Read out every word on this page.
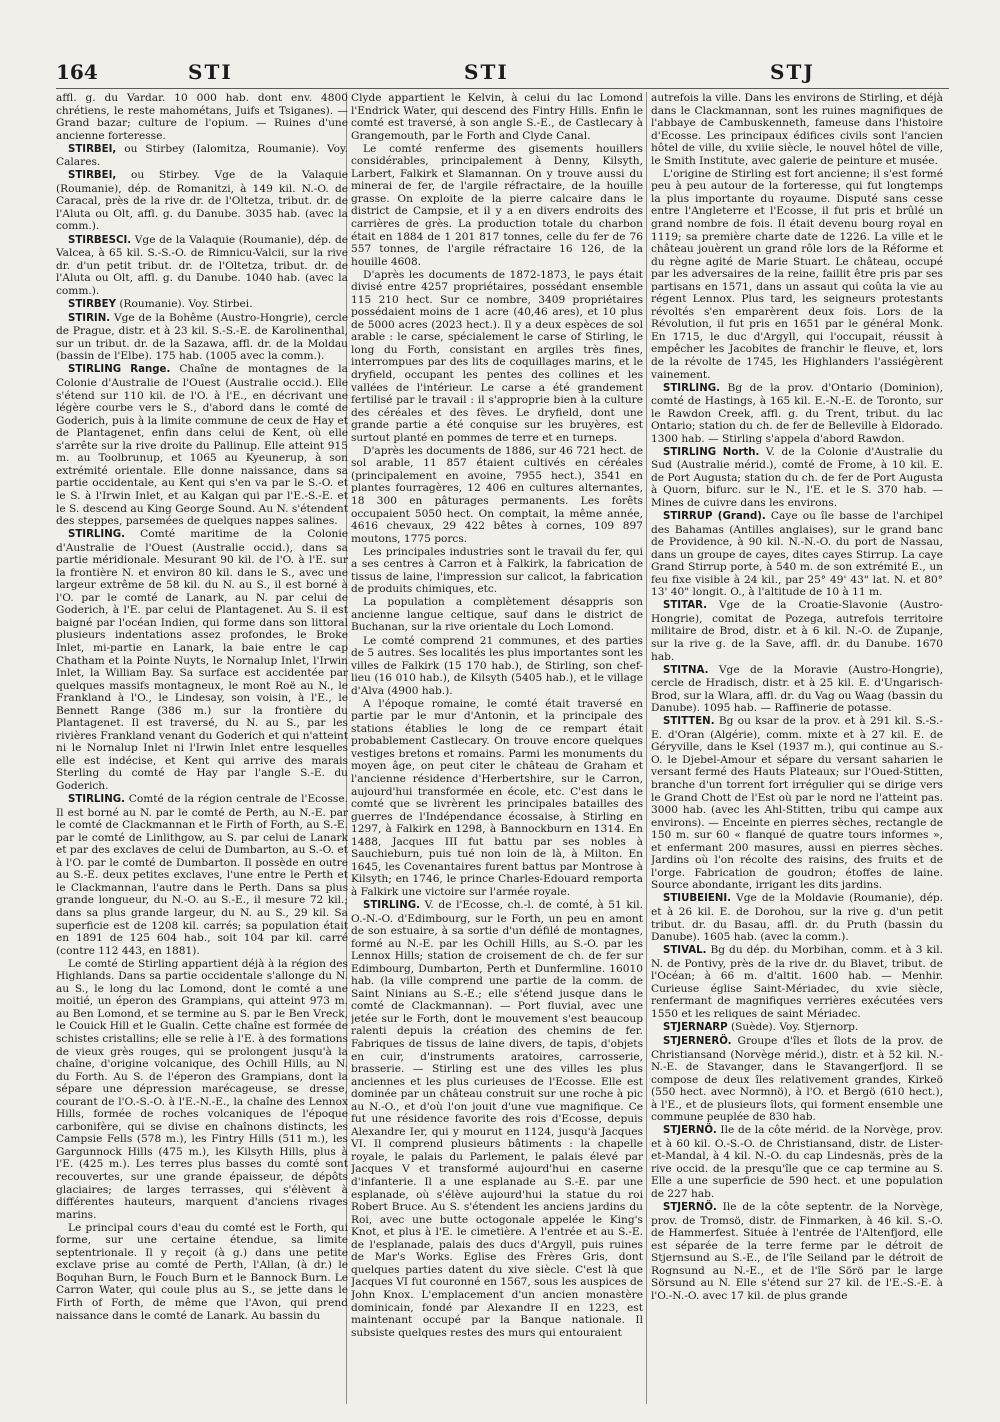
164	STI	STI	STJ

affl. g. du Vardar. 10 000 hab. dont env. 4800 chrétiens, le reste mahométans, Juifs et Tsiganes). — Grand bazar; culture de l'opium. — Ruines d'une ancienne forteresse.

STIRBEI, ou Stirbey (Ialomitza, Roumanie). Voy. Calares.

STIRBEI, ou Stirbey. Vge de la Valaquie (Roumanie), dép. de Romanitzi, à 149 kil. N.-O. de Caracal, près de la rive dr. de l'Oltetza, tribut. dr. de l'Aluta ou Olt, affl. g. du Danube. 3035 hab. (avec la comm.).

STIRBESCI. Vge de la Valaquie (Roumanie), dép. de Valcea, à 65 kil. S.-S.-O. de Rimnicu-Valcii, sur la rive dr. d'un petit tribut. dr. de l'Oltetza, tribut. dr. de l'Aluta ou Olt, affl. g. du Danube. 1040 hab. (avec la comm.).

STIRBEY (Roumanie). Voy. Stirbei.

STIRIN. Vge de la Bohême (Austro-Hongrie), cercle de Prague, distr. et à 23 kil. S.-S.-E. de Karolinenthal, sur un tribut. dr. de la Sazawa, affl. dr. de la Moldau (bassin de l'Elbe). 175 hab. (1005 avec la comm.).

STIRLING Range. Chaîne de montagnes de la Colonie d'Australie de l'Ouest (Australie occid.). Elle s'étend sur 110 kil. de l'O. à l'E., en décrivant une légère courbe vers le S., d'abord dans le comté de Goderich, puis à la limite commune de ceux de Hay et de Plantagenet, enfin dans celui de Kent, où elle s'arrête sur la rive droite du Pallinup. Elle atteint 915 m. au Toolbrunup, et 1065 au Kyeunerup, à son extrémité orientale. Elle donne naissance, dans sa partie occidentale, au Kent qui s'en va par le S.-O. et le S. à l'Irwin Inlet, et au Kalgan qui par l'E.-S.-E. et le S. descend au King George Sound. Au N. s'étendent des steppes, parsemées de quelques nappes salines.

STIRLING. Comté maritime de la Colonie d'Australie de l'Ouest (Australie occid.), dans sa partie méridionale. Mesurant 90 kil. de l'O. à l'E. sur la frontière N. et environ 80 kil. dans le S., avec une largeur extrême de 58 kil. du N. au S., il est borné à l'O. par le comté de Lanark, au N. par celui de Goderich, à l'E. par celui de Plantagenet. Au S. il est baigné par l'océan Indien, qui forme dans son littoral plusieurs indentations assez profondes, le Broke Inlet, mi-partie en Lanark, la baie entre le cap Chatham et la Pointe Nuyts, le Nornalup Inlet, l'Irwin Inlet, la William Bay. Sa surface est accidentée par quelques massifs montagneux, le mont Roë au N., le Frankland à l'O., le Lindesay, son voisin, à l'E., le Bennett Range (386 m.) sur la frontière du Plantagenet. Il est traversé, du N. au S., par les rivières Frankland venant du Goderich et qui n'atteint ni le Nornalup Inlet ni l'Irwin Inlet entre lesquelles elle est indécise, et Kent qui arrive des marais Sterling du comté de Hay par l'angle S.-E. du Goderich.

STIRLING. Comté de la région centrale de l'Ecosse. Il est borné au N. par le comté de Perth, au N.-E. par le comté de Clackmannan et le Firth of Forth, au S.-E. par le comté de Linlithgow, au S. par celui de Lanark et par des exclaves de celui de Dumbarton, au S.-O. et à l'O. par le comté de Dumbarton. Il possède en outre au S.-E. deux petites exclaves, l'une entre le Perth et le Clackmannan, l'autre dans le Perth. Dans sa plus grande longueur, du N.-O. au S.-E., il mesure 72 kil.; dans sa plus grande largeur, du N. au S., 29 kil. Sa superficie est de 1208 kil. carrés; sa population était en 1891 de 125 604 hab., soit 104 par kil. carré (contre 112 443, en 1881).

Le comté de Stirling appartient déjà à la région des Highlands. Dans sa partie occidentale s'allonge du N. au S., le long du lac Lomond, dont le comté a une moitié, un éperon des Grampians, qui atteint 973 m. au Ben Lomond, et se termine au S. par le Ben Vreck, le Couick Hill et le Gualin. Cette chaîne est formée de schistes cristallins; elle se relie à l'E. à des formations de vieux grès rouges, qui se prolongent jusqu'à la chaîne, d'origine volcanique, des Ochill Hills, au N. du Forth. Au S. de l'éperon des Grampians, dont la sépare une dépression marécageuse, se dresse, courant de l'O.-S.-O. à l'E.-N.-E., la chaîne des Lennox Hills, formée de roches volcaniques de l'époque carbonifère, qui se divise en chaînons distincts, les Campsie Fells (578 m.), les Fintry Hills (511 m.), les Gargunnock Hills (475 m.), les Kilsyth Hills, plus à l'E. (425 m.). Les terres plus basses du comté sont recouvertes, sur une grande épaisseur, de dépôts glaciaires; de larges terrasses, qui s'élèvent à différentes hauteurs, marquent d'anciens rivages marins.

Le principal cours d'eau du comté est le Forth, qui forme, sur une certaine étendue, sa limite septentrionale. Il y reçoit (à g.) dans une petite exclave prise au comté de Perth, l'Allan, (à dr.) le Boquhan Burn, le Fouch Burn et le Bannock Burn. Le Carron Water, qui coule plus au S., se jette dans le Firth of Forth, de même que l'Avon, qui prend naissance dans le comté de Lanark. Au bassin du

Clyde appartient le Kelvin, à celui du lac Lomond l'Endrick Water, qui descend des Fintry Hills. Enfin le comté est traversé, à son angle S.-E., de Castlecary à Grangemouth, par le Forth and Clyde Canal.

Le comté renferme des gisements houillers considérables, principalement à Denny, Kilsyth, Larbert, Falkirk et Slamannan. On y trouve aussi du minerai de fer, de l'argile réfractaire, de la houille grasse. On exploite de la pierre calcaire dans le district de Campsie, et il y a en divers endroits des carrières de grès. La production totale du charbon était en 1884 de 1 201 817 tonnes, celle du fer de 76 557 tonnes, de l'argile réfractaire 16 126, de la houille 4608.

D'après les documents de 1872-1873, le pays était divisé entre 4257 propriétaires, possédant ensemble 115 210 hect. Sur ce nombre, 3409 propriétaires possédaient moins de 1 acre (40,46 ares), et 10 plus de 5000 acres (2023 hect.). Il y a deux espèces de sol arable : le carse, spécialement le carse of Stirling, le long du Forth, consistant en argiles très fines, interrompues par des lits de coquillages marins, et le dryfield, occupant les pentes des collines et les vallées de l'intérieur. Le carse a été grandement fertilisé par le travail : il s'approprie bien à la culture des céréales et des fèves. Le dryfield, dont une grande partie a été conquise sur les bruyères, est surtout planté en pommes de terre et en turneps.

D'après les documents de 1886, sur 46 721 hect. de sol arable, 11 857 étaient cultivés en céréales (principalement en avoine, 7955 hect.), 3541 en plantes fourragères, 12 406 en cultures alternantes, 18 300 en pâturages permanents. Les forêts occupaient 5050 hect. On comptait, la même année, 4616 chevaux, 29 422 bêtes à cornes, 109 897 moutons, 1775 porcs.

Les principales industries sont le travail du fer, qui a ses centres à Carron et à Falkirk, la fabrication de tissus de laine, l'impression sur calicot, la fabrication de produits chimiques, etc.

La population a complètement désappris son ancienne langue celtique, sauf dans le district de Buchanan, sur la rive orientale du Loch Lomond.

Le comté comprend 21 communes, et des parties de 5 autres. Ses localités les plus importantes sont les villes de Falkirk (15 170 hab.), de Stirling, son chef-lieu (16 010 hab.), de Kilsyth (5405 hab.), et le village d'Alva (4900 hab.).

A l'époque romaine, le comté était traversé en partie par le mur d'Antonin, et la principale des stations établies le long de ce rempart était probablement Castlecary. On trouve encore quelques vestiges bretons et romains. Parmi les monuments du moyen âge, on peut citer le château de Graham et l'ancienne résidence d'Herbertshire, sur le Carron, aujourd'hui transformée en école, etc. C'est dans le comté que se livrèrent les principales batailles des guerres de l'Indépendance écossaise, à Stirling en 1297, à Falkirk en 1298, à Bannockburn en 1314. En 1488, Jacques III fut battu par ses nobles à Sauchieburn, puis tué non loin de là, à Milton. En 1645, les Covenantaires furent battus par Montrose à Kilsyth; en 1746, le prince Charles-Edouard remporta à Falkirk une victoire sur l'armée royale.

STIRLING. V. de l'Ecosse, ch.-l. de comté, à 51 kil. O.-N.-O. d'Edimbourg, sur le Forth, un peu en amont de son estuaire, à sa sortie d'un défilé de montagnes, formé au N.-E. par les Ochill Hills, au S.-O. par les Lennox Hills; station de croisement de ch. de fer sur Edimbourg, Dumbarton, Perth et Dunfermline. 16010 hab. (la ville comprend une partie de la comm. de Saint Ninians au S.-E.; elle s'étend jusque dans le comté de Clackmannan). — Port fluvial, avec une jetée sur le Forth, dont le mouvement s'est beaucoup ralenti depuis la création des chemins de fer. Fabriques de tissus de laine divers, de tapis, d'objets en cuir, d'instruments aratoires, carrosserie, brasserie. — Stirling est une des villes les plus anciennes et les plus curieuses de l'Ecosse. Elle est dominée par un château construit sur une roche à pic au N.-O., et d'où l'on jouit d'une vue magnifique. Ce fut une résidence favorite des rois d'Ecosse, depuis Alexandre Ier, qui y mourut en 1124, jusqu'à Jacques VI. Il comprend plusieurs bâtiments : la chapelle royale, le palais du Parlement, le palais élevé par Jacques V et transformé aujourd'hui en caserne d'infanterie. Il a une esplanade au S.-E. par une esplanade, où s'élève aujourd'hui la statue du roi Robert Bruce. Au S. s'étendent les anciens jardins du Roi, avec une butte octogonale appelée le King's Knot, et plus à l'E. le cimetière. A l'entrée et au S.-E. de l'esplanade, palais des ducs d'Argyll, puis ruines de Mar's Works. Eglise des Frères Gris, dont quelques parties datent du xive siècle. C'est là que Jacques VI fut couronné en 1567, sous les auspices de John Knox. L'emplacement d'un ancien monastère dominicain, fondé par Alexandre II en 1223, est maintenant occupé par la Banque nationale. Il subsiste quelques restes des murs qui entouraient

autrefois la ville. Dans les environs de Stirling, et déjà dans le Clackmannan, sont les ruines magnifiques de l'abbaye de Cambuskenneth, fameuse dans l'histoire d'Ecosse. Les principaux édifices civils sont l'ancien hôtel de ville, du xviiie siècle, le nouvel hôtel de ville, le Smith Institute, avec galerie de peinture et musée.

L'origine de Stirling est fort ancienne; il s'est formé peu à peu autour de la forteresse, qui fut longtemps la plus importante du royaume. Disputé sans cesse entre l'Angleterre et l'Ecosse, il fut pris et brûlé un grand nombre de fois. Il était devenu bourg royal en 1119; sa première charte date de 1226. La ville et le château jouèrent un grand rôle lors de la Réforme et du règne agité de Marie Stuart. Le château, occupé par les adversaires de la reine, faillit être pris par ses partisans en 1571, dans un assaut qui coûta la vie au régent Lennox. Plus tard, les seigneurs protestants révoltés s'en emparèrent deux fois. Lors de la Révolution, il fut pris en 1651 par le général Monk. En 1715, le duc d'Argyll, qui l'occupait, réussit à empêcher les Jacobites de franchir le fleuve, et, lors de la révolte de 1745, les Highlanders l'assiégèrent vainement.

STIRLING. Bg de la prov. d'Ontario (Dominion), comté de Hastings, à 165 kil. E.-N.-E. de Toronto, sur le Rawdon Creek, affl. g. du Trent, tribut. du lac Ontario; station du ch. de fer de Belleville à Eldorado. 1300 hab. — Stirling s'appela d'abord Rawdon.

STIRLING North. V. de la Colonie d'Australie du Sud (Australie mérid.), comté de Frome, à 10 kil. E. de Port Augusta; station du ch. de fer de Port Augusta à Quorn, bifurc. sur le N., l'E. et le S. 370 hab. — Mines de cuivre dans les environs.

STIRRUP (Grand). Caye ou île basse de l'archipel des Bahamas (Antilles anglaises), sur le grand banc de Providence, à 90 kil. N.-N.-O. du port de Nassau, dans un groupe de cayes, dites cayes Stirrup. La caye Grand Stirrup porte, à 540 m. de son extrémité E., un feu fixe visible à 24 kil., par 25° 49' 43" lat. N. et 80° 13' 40" longit. O., à l'altitude de 10 à 11 m.

STITAR. Vge de la Croatie-Slavonie (Austro-Hongrie), comitat de Pozega, autrefois territoire militaire de Brod, distr. et à 6 kil. N.-O. de Zupanje, sur la rive g. de la Save, affl. dr. du Danube. 1670 hab.

STITNA. Vge de la Moravie (Austro-Hongrie), cercle de Hradisch, distr. et à 25 kil. E. d'Ungarisch-Brod, sur la Wlara, affl. dr. du Vag ou Waag (bassin du Danube). 1095 hab. — Raffinerie de potasse.

STITTEN. Bg ou ksar de la prov. et à 291 kil. S.-S.-E. d'Oran (Algérie), comm. mixte et à 27 kil. E. de Géryville, dans le Ksel (1937 m.), qui continue au S.-O. le Djebel-Amour et sépare du versant saharien le versant fermé des Hauts Plateaux; sur l'Oued-Stitten, branche d'un torrent fort irrégulier qui se dirige vers le Grand Chott de l'Est où par le nord ne l'atteint pas. 3000 hab. (avec les Ahl-Stitten, tribu qui campe aux environs). — Enceinte en pierres sèches, rectangle de 150 m. sur 60 « flanqué de quatre tours informes », et enfermant 200 masures, aussi en pierres sèches. Jardins où l'on récolte des raisins, des fruits et de l'orge. Fabrication de goudron; étoffes de laine. Source abondante, irrigant les dits jardins.

STIUBEIENI. Vge de la Moldavie (Roumanie), dép. et à 26 kil. E. de Dorohou, sur la rive g. d'un petit tribut. dr. du Basau, affl. dr. du Pruth (bassin du Danube). 1605 hab. (avec la comm.).

STIVAL. Bg du dép. du Morbihan, comm. et à 3 kil. N. de Pontivy, près de la rive dr. du Blavet, tribut. de l'Océan; à 66 m. d'altit. 1600 hab. — Menhir. Curieuse église Saint-Mériadec, du xvie siècle, renfermant de magnifiques verrières exécutées vers 1550 et les reliques de saint Mériadec.

STJERNARP (Suède). Voy. Stjernorp.

STJERNERÖ. Groupe d'îles et îlots de la prov. de Christiansand (Norvège mérid.), distr. et à 52 kil. N.-N.-E. de Stavanger, dans le Stavangerfjord. Il se compose de deux îles relativement grandes, Kirkeö (550 hect. avec Normnö), à l'O. et Bergö (610 hect.), à l'E., et de plusieurs îlots, qui forment ensemble une commune peuplée de 830 hab.

STJERNÖ. Ile de la côte mérid. de la Norvège, prov. et à 60 kil. O.-S.-O. de Christiansand, distr. de Lister-et-Mandal, à 4 kil. N.-O. du cap Lindesnäs, près de la rive occid. de la presqu'île que ce cap termine au S. Elle a une superficie de 590 hect. et une population de 227 hab.

STJERNÖ. Ile de la côte septentr. de la Norvège, prov. de Tromsö, distr. de Finmarken, à 46 kil. S.-O. de Hammerfest. Située à l'entrée de l'Altenfjord, elle est séparée de la terre ferme par le détroit de Stjernsund au S.-E., de l'île Seiland par le détroit de Rognsund au N.-E., et de l'île Sörö par le large Sörsund au N. Elle s'étend sur 27 kil. de l'E.-S.-E. à l'O.-N.-O. avec 17 kil. de plus grande
